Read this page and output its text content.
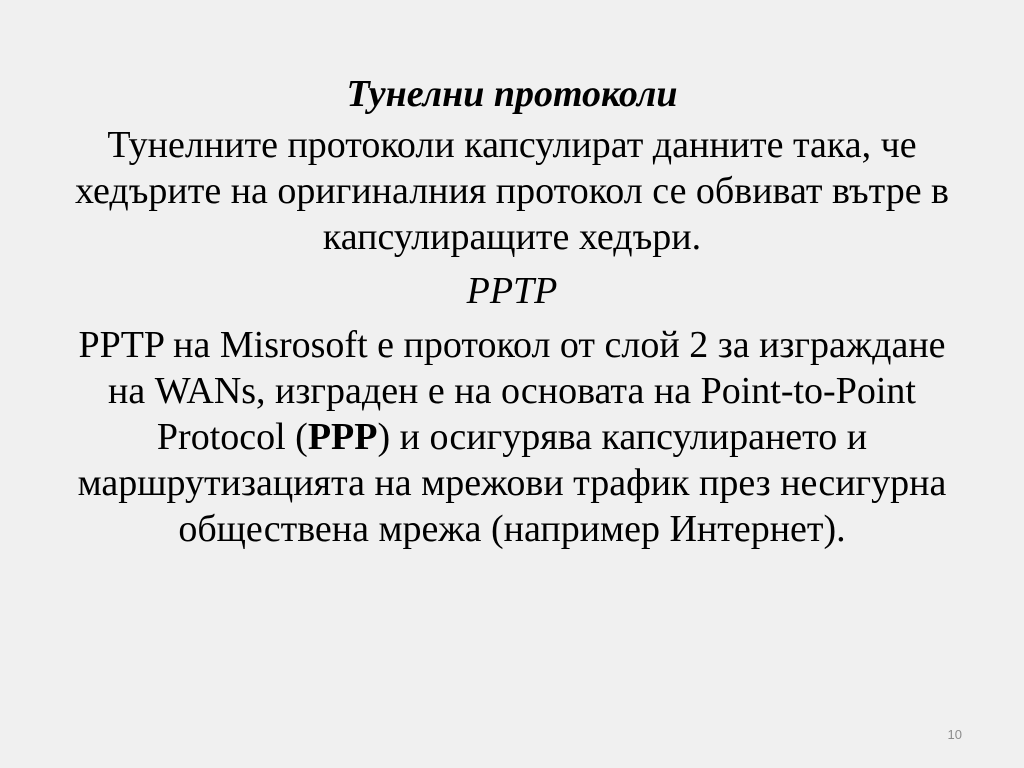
Тунелни протоколи
Тунелните протоколи капсулират данните така, че хедърите на оригиналния протокол се обвиват вътре в капсулиращите хедъри.
PPTP
PPTP на Misrosoft е протокол от слой 2 за изграждане на WANs, изграден е на основата на Point-to-Point Protocol (PPP) и осигурява капсулирането и маршрутизацията на мрежови трафик през несигурна обществена мрежа (например Интернет).
10
